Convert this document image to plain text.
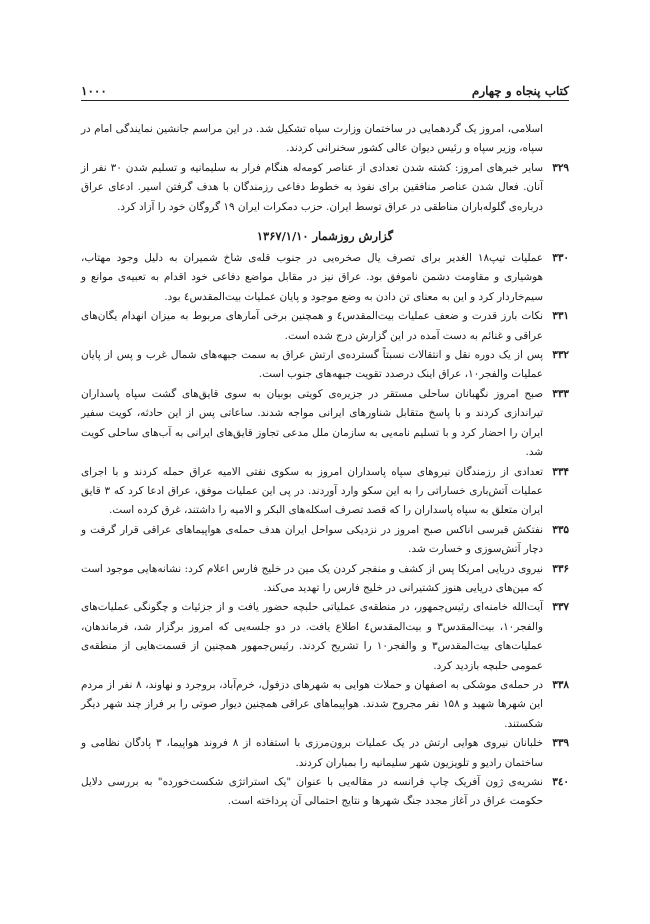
کتاب پنجاه و چهارم
۱۰۰۰
اسلامی، امروز یک گردهمایی در ساختمان وزارت سپاه تشکیل شد. در این مراسم جانشین نمایندگی امام در سپاه، وزیر سپاه و رئیس دیوان عالی کشور سخنرانی کردند.
۳۲۹
سایر خبرهای امروز: کشته شدن تعدادی از عناصر کومه‌له هنگام فرار به سلیمانیه و تسلیم شدن ۳۰ نفر از آنان. فعال شدن عناصر منافقین برای نفوذ به خطوط دفاعی رزمندگان با هدف گرفتن اسیر. ادعای عراق درباره‌ی گلوله‌باران مناطقی در عراق توسط ایران. حزب دمکرات ایران ۱۹ گروگان خود را آزاد کرد.
گزارش روزشمار ۱۳۶۷/۱/۱۰
۳۳۰
عملیات تیپ۱۸ الغدیر برای تصرف یال صخره‌یی در جنوب قله‌ی شاخ شمیران به دلیل وجود مهتاب، هوشیاری و مقاومت دشمن ناموفق بود. عراق نیز در مقابل مواضع دفاعی خود اقدام به تعبیه‌ی موانع و سیم‌خاردار کرد و این به معنای تن دادن به وضع موجود و پایان عملیات بیت‌المقدس٤ بود.
۳۳۱
نکات بارز قدرت و ضعف عملیات بیت‌المقدس٤ و همچنین برخی آمارهای مربوط به میزان انهدام یگان‌های عراقی و غنائم به دست آمده در این گزارش درج شده است.
۳۳۲
پس از یک دوره نقل و انتقالات نسبتاً گسترده‌ی ارتش عراق به سمت جبهه‌های شمال غرب و پس از پایان عملیات والفجر۱۰، عراق اینک درصدد تقویت جبهه‌های جنوب است.
۳۳۳
صبح امروز نگهبانان ساحلی مستقر در جزیره‌ی کویتی بوبیان به سوی قایق‌های گشت سپاه پاسداران تیراندازی کردند و با پاسخ متقابل شناورهای ایرانی مواجه شدند. ساعاتی پس از این حادثه، کویت سفیر ایران را احضار کرد و با تسلیم نامه‌یی به سازمان ملل مدعی تجاوز قایق‌های ایرانی به آب‌های ساحلی کویت شد.
۳۳۴
تعدادی از رزمندگان نیروهای سپاه پاسداران امروز به سکوی نفتی الامیه عراق حمله کردند و با اجرای عملیات آتش‌باری خساراتی را به این سکو وارد آوردند. در پی این عملیات موفق، عراق ادعا کرد که ۳ قایق ایران متعلق به سپاه پاسداران را که قصد تصرف اسکله‌های البکر و الامیه را داشتند، غرق کرده است.
۳۳۵
نفتکش قبرسی اناکس صبح امروز در نزدیکی سواحل ایران هدف حمله‌ی هواپیماهای عراقی قرار گرفت و دچار آتش‌سوزی و خسارت شد.
۳۳۶
نیروی دریایی امریکا پس از کشف و منفجر کردن یک مین در خلیج فارس اعلام کرد: نشانه‌هایی موجود است که مین‌های دریایی هنوز کشتیرانی در خلیج فارس را تهدید می‌کند.
۳۳۷
آیت‌الله خامنه‌ای رئیس‌جمهور، در منطقه‌ی عملیاتی حلبچه حضور یافت و از جزئیات و چگونگی عملیات‌های والفجر۱۰، بیت‌المقدس۳ و بیت‌المقدس٤ اطلاع یافت. در دو جلسه‌یی که امروز برگزار شد، فرماندهان، عملیات‌های بیت‌المقدس۳ و والفجر۱۰ را تشریح کردند. رئیس‌جمهور همچنین از قسمت‌هایی از منطقه‌ی عمومی حلبچه بازدید کرد.
۳۳۸
در حمله‌ی موشکی به اصفهان و حملات هوایی به شهرهای دزفول، خرم‌آباد، بروجرد و نهاوند، ۸ نفر از مردم این شهرها شهید و ۱۵۸ نفر مجروح شدند. هواپیماهای عراقی همچنین دیوار صوتی را بر فراز چند شهر دیگر شکستند.
۳۳۹
خلبانان نیروی هوایی ارتش در یک عملیات برون‌مرزی با استفاده از ۸ فروند هواپیما، ۳ پادگان نظامی و ساختمان رادیو و تلویزیون شهر سلیمانیه را بمباران کردند.
۳٤۰
نشریه‌ی ژون آفریک چاپ فرانسه در مقاله‌یی با عنوان "یک استراتژی شکست‌خورده" به بررسی دلایل حکومت عراق در آغاز مجدد جنگ شهرها و نتایج احتمالی آن پرداخته است.
